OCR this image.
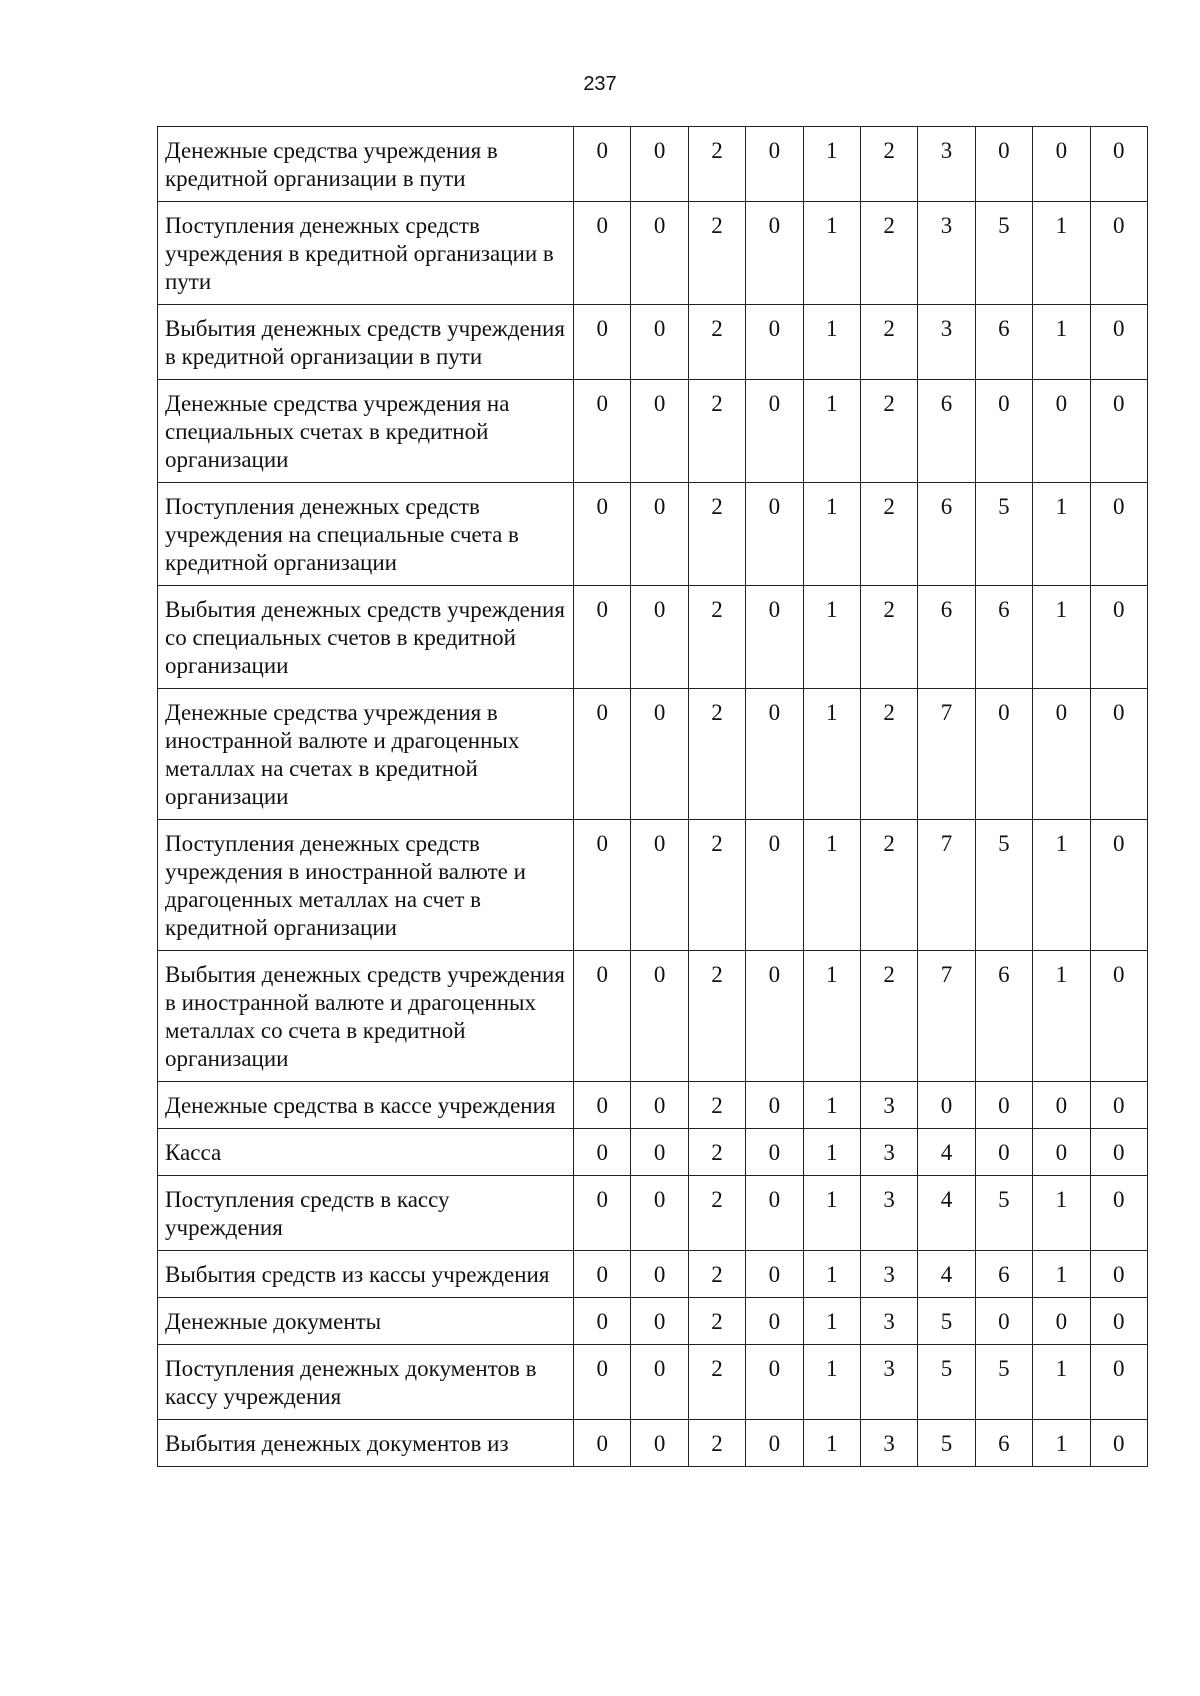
237
Денежные средства учреждения в кредитной организации в пути	0	0	2	0	1	2	3	0	0	0
Поступления денежных средств учреждения в кредитной организации в пути	0	0	2	0	1	2	3	5	1	0
Выбытия денежных средств учреждения в кредитной организации в пути	0	0	2	0	1	2	3	6	1	0
Денежные средства учреждения на специальных счетах в кредитной организации	0	0	2	0	1	2	6	0	0	0
Поступления денежных средств учреждения на специальные счета в кредитной организации	0	0	2	0	1	2	6	5	1	0
Выбытия денежных средств учреждения со специальных счетов в кредитной организации	0	0	2	0	1	2	6	6	1	0
Денежные средства учреждения в иностранной валюте и драгоценных металлах на счетах в кредитной организации	0	0	2	0	1	2	7	0	0	0
Поступления денежных средств учреждения в иностранной валюте и драгоценных металлах на счет в кредитной организации	0	0	2	0	1	2	7	5	1	0
Выбытия денежных средств учреждения в иностранной валюте и драгоценных металлах со счета в кредитной организации	0	0	2	0	1	2	7	6	1	0
Денежные средства в кассе учреждения	0	0	2	0	1	3	0	0	0	0
Касса	0	0	2	0	1	3	4	0	0	0
Поступления средств в кассу учреждения	0	0	2	0	1	3	4	5	1	0
Выбытия средств из кассы учреждения	0	0	2	0	1	3	4	6	1	0
Денежные документы	0	0	2	0	1	3	5	0	0	0
Поступления денежных документов в кассу учреждения	0	0	2	0	1	3	5	5	1	0
Выбытия денежных документов из	0	0	2	0	1	3	5	6	1	0
